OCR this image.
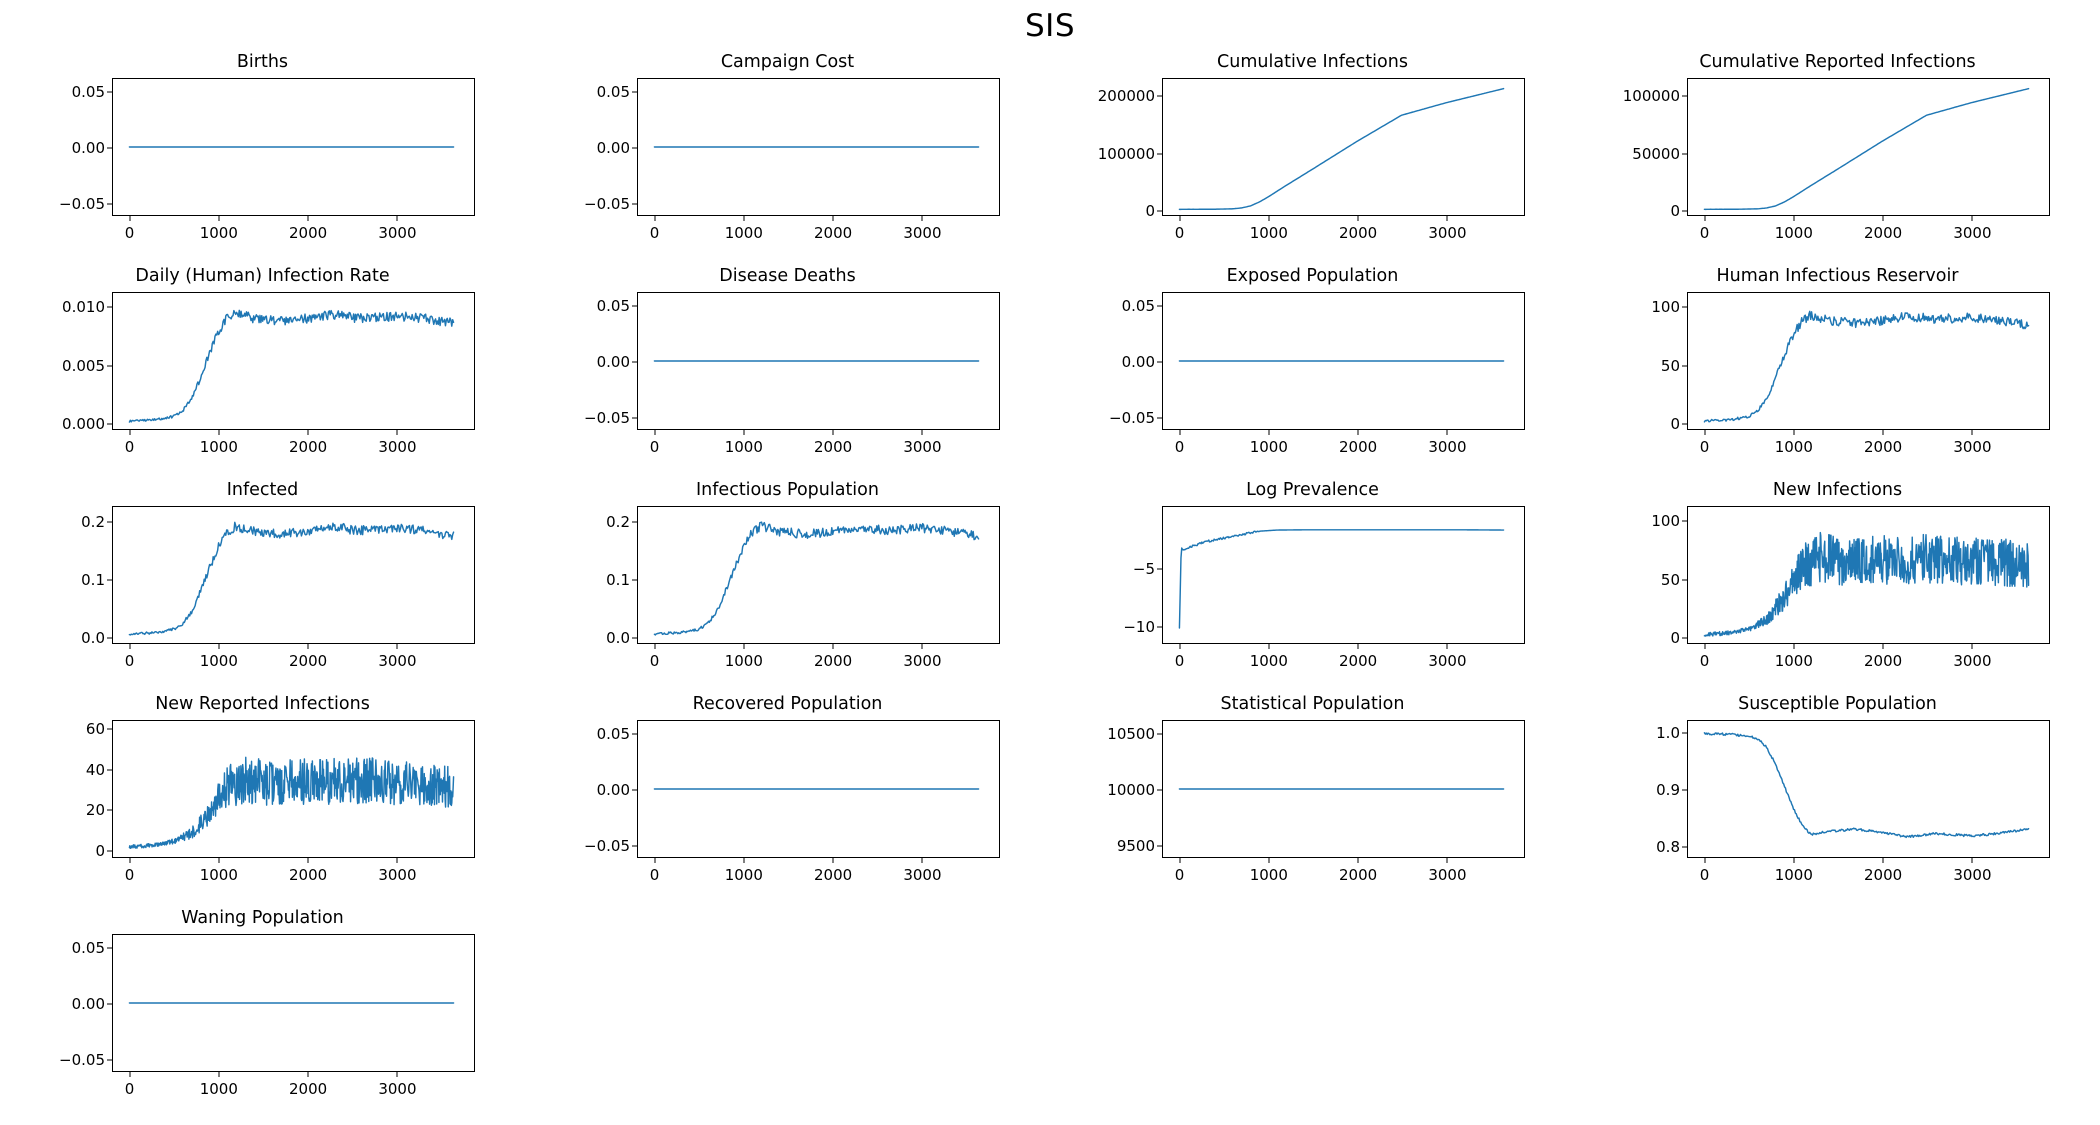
SIS
Births
−0.05
0.00
0.05
0	1000	2000	3000
Campaign Cost
−0.05
0.00
0.05
0	1000	2000	3000
Cumulative Infections
0
100000
200000
0	1000	2000	3000
Cumulative Reported Infections
0
50000
100000
0	1000	2000	3000
Daily (Human) Infection Rate
0.000
0.005
0.010
0	1000	2000	3000
Disease Deaths
−0.05
0.00
0.05
0	1000	2000	3000
Exposed Population
−0.05
0.00
0.05
0	1000	2000	3000
Human Infectious Reservoir
0
50
100
0	1000	2000	3000
Infected
0.0
0.1
0.2
0	1000	2000	3000
Infectious Population
0.0
0.1
0.2
0	1000	2000	3000
Log Prevalence
−10
−5
0	1000	2000	3000
New Infections
0
50
100
0	1000	2000	3000
New Reported Infections
0
20
40
60
0	1000	2000	3000
Recovered Population
−0.05
0.00
0.05
0	1000	2000	3000
Statistical Population
9500
10000
10500
0	1000	2000	3000
Susceptible Population
0.8
0.9
1.0
0	1000	2000	3000
Waning Population
−0.05
0.00
0.05
0	1000	2000	3000
